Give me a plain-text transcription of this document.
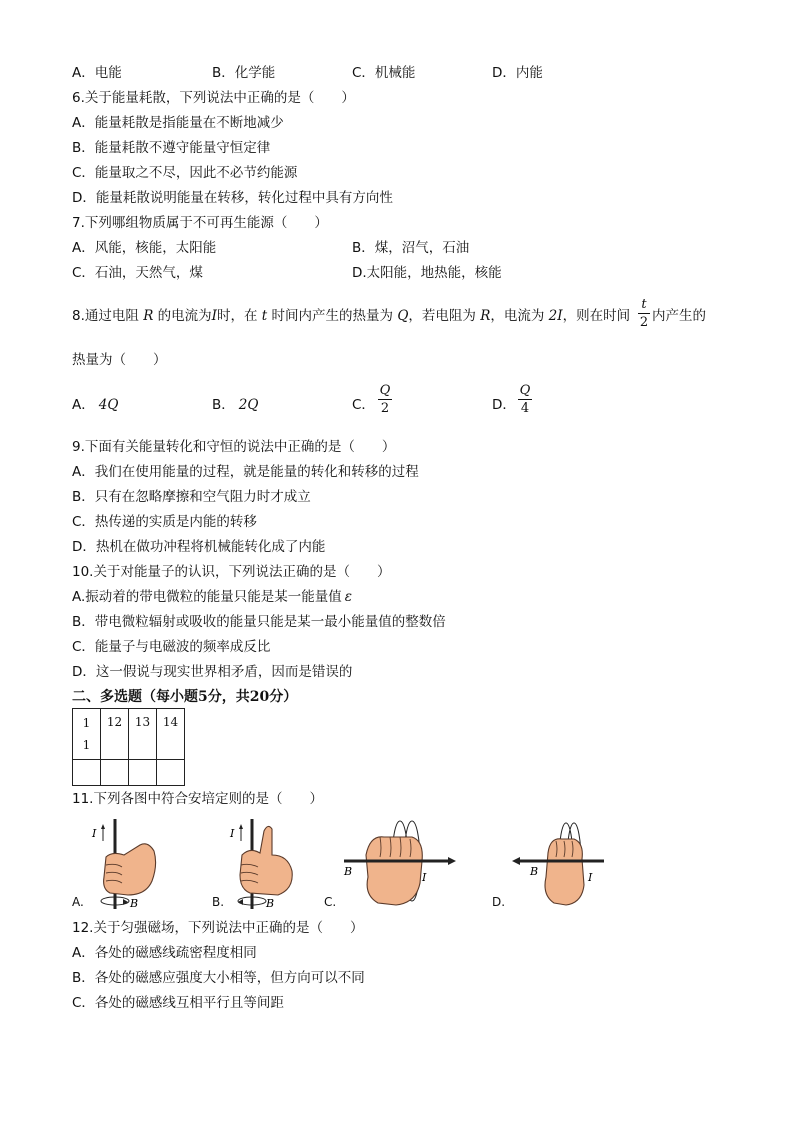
A．电能	B．化学能	C．机械能	D．内能
6.关于能量耗散，下列说法中正确的是（　　）
A．能量耗散是指能量在不断地减少
B．能量耗散不遵守能量守恒定律
C．能量取之不尽，因此不必节约能源
D．能量耗散说明能量在转移，转化过程中具有方向性
7.下列哪组物质属于不可再生能源（　　）
A．风能，核能，太阳能	B．煤，沼气，石油
C．石油，天然气，煤	D.太阳能，地热能，核能
8.通过电阻 R 的电流为I时，在 t 时间内产生的热量为 Q，若电阻为 R，电流为 2I，则在时间
t
2 内产生的
热量为（　　）
A． 4Q	B． 2Q	C．
Q
2	D．
Q
4
9.下面有关能量转化和守恒的说法中正确的是（　　）
A．我们在使用能量的过程，就是能量的转化和转移的过程
B．只有在忽略摩擦和空气阻力时才成立
C．热传递的实质是内能的转移
D．热机在做功冲程将机械能转化成了内能
10.关于对能量子的认识，下列说法正确的是（　　）
A.振动着的带电微粒的能量只能是某一能量值 ε
B．带电微粒辐射或吸收的能量只能是某一最小能量值的整数倍
C．能量子与电磁波的频率成反比
D．这一假说与现实世界相矛盾，因而是错误的
二、多选题（每小题5分，共20分）
1
1	12	13	14

11.下列各图中符合安培定则的是（　　）
I
B
A.
I
B
B.
B	I
C.
B	I
D.
12.关于匀强磁场，下列说法中正确的是（　　）
A．各处的磁感线疏密程度相同
B．各处的磁感应强度大小相等，但方向可以不同
C．各处的磁感线互相平行且等间距
